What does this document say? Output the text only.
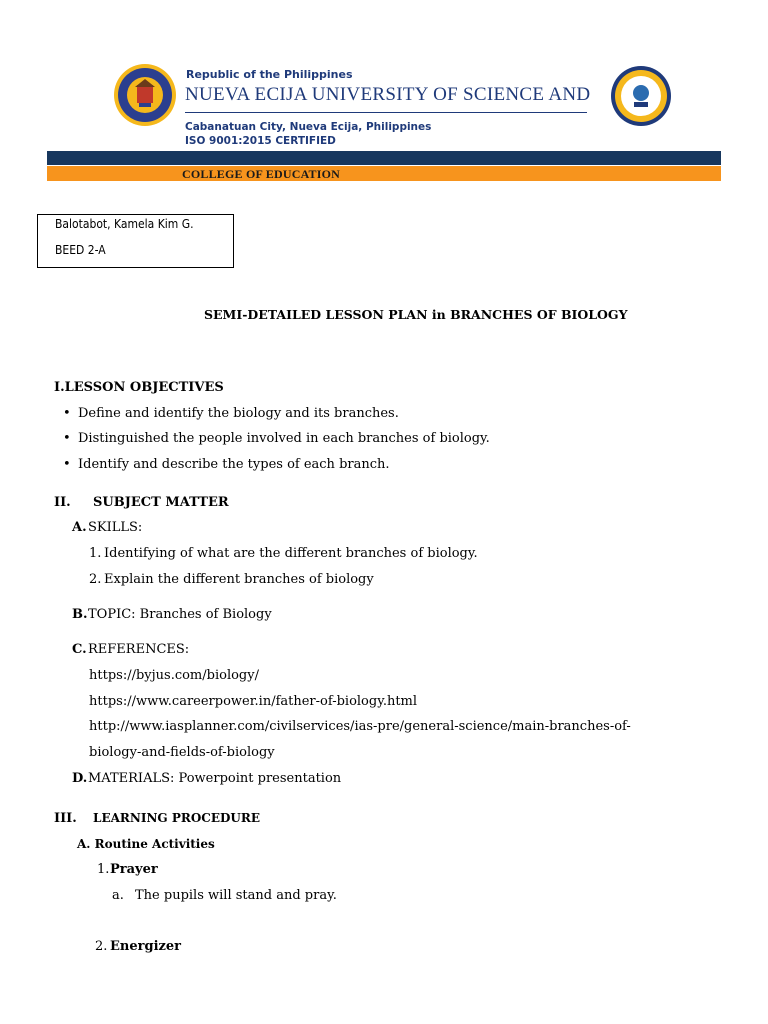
Republic of the Philippines
NUEVA ECIJA UNIVERSITY OF SCIENCE AND
Cabanatuan City, Nueva Ecija, Philippines
ISO 9001:2015 CERTIFIED
COLLEGE OF EDUCATION
Balotabot, Kamela Kim G.
BEED 2-A
SEMI-DETAILED LESSON PLAN in BRANCHES OF BIOLOGY
I.LESSON OBJECTIVES
• Define and identify the biology and its branches.
• Distinguished the people involved in each branches of biology.
• Identify and describe the types of each branch.
II. SUBJECT MATTER
A. SKILLS:
1. Identifying of what are the different branches of biology.
2. Explain the different branches of biology
B. TOPIC: Branches of Biology
C. REFERENCES:
https://byjus.com/biology/
https://www.careerpower.in/father-of-biology.html
http://www.iasplanner.com/civilservices/ias-pre/general-science/main-branches-of-
biology-and-fields-of-biology
D. MATERIALS: Powerpoint presentation
III. LEARNING PROCEDURE
A. Routine Activities
1. Prayer
a. The pupils will stand and pray.
2. Energizer
